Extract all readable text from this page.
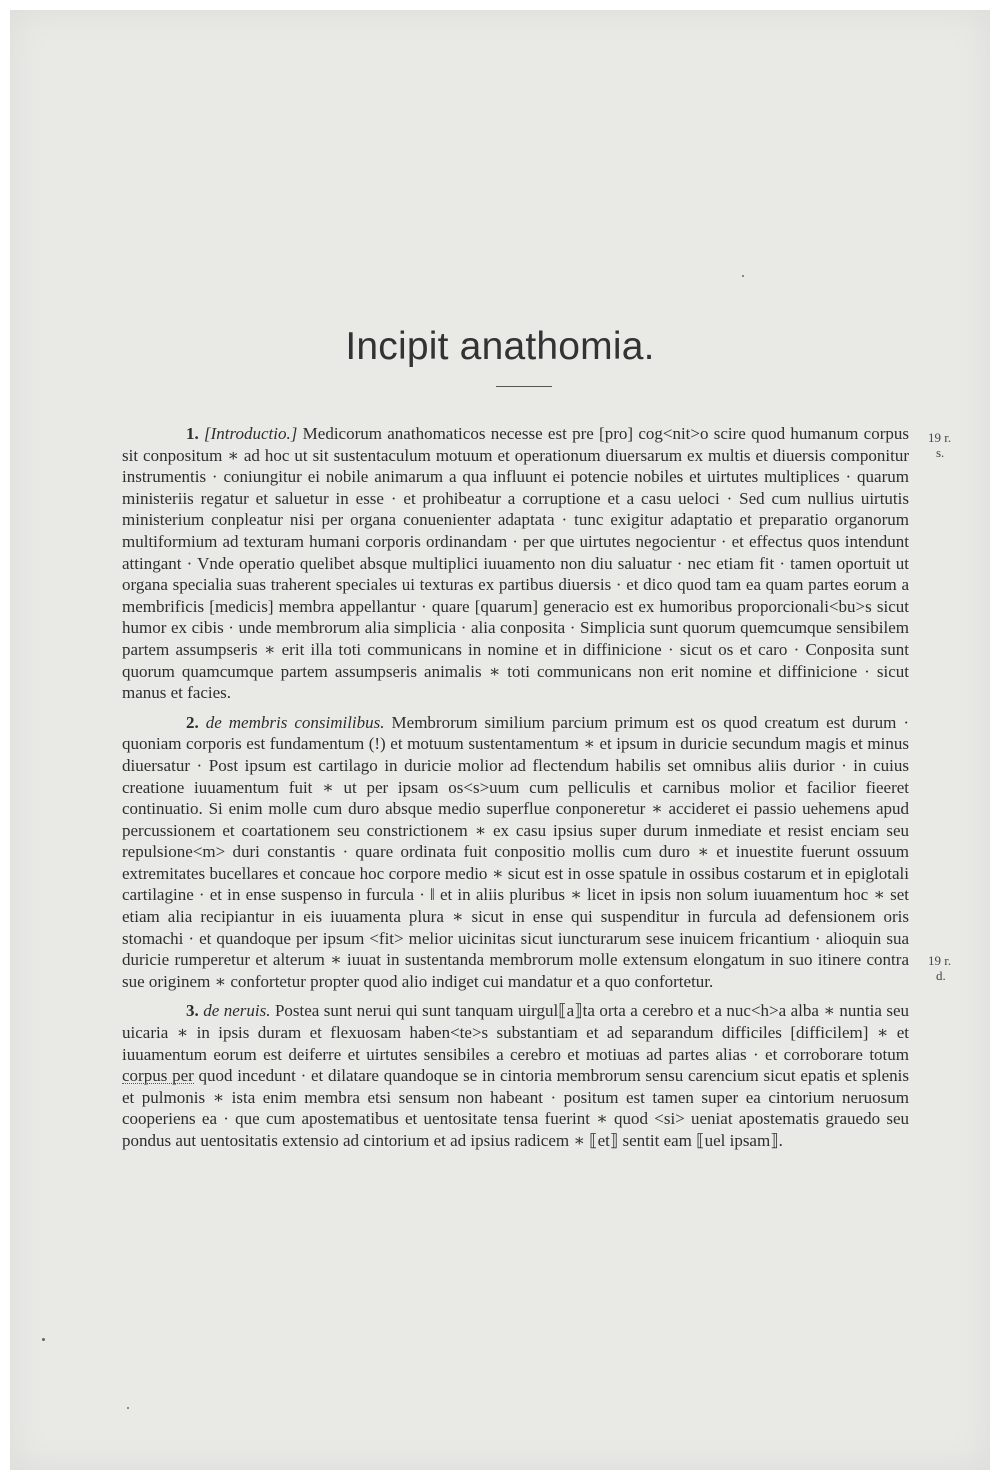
Incipit anathomia.

1. [Introductio.] Medicorum anathomaticos necesse est pre [pro] cog<nit>o scire quod humanum corpus sit conpositum ∗ ad hoc ut sit sustentaculum motuum et operationum diuersarum ex multis et diuersis componitur instrumentis · coniungitur ei nobile animarum a qua influunt ei potencie nobiles et uirtutes multiplices · quarum ministeriis regatur et saluetur in esse · et prohibeatur a corruptione et a casu ueloci · Sed cum nullius uirtutis ministerium conpleatur nisi per organa conuenienter adaptata · tunc exigitur adaptatio et preparatio organorum multiformium ad texturam humani corporis ordinandam · per que uirtutes negocientur · et effectus quos intendunt attingant · Vnde operatio quelibet absque multiplici iuuamento non diu saluatur · nec etiam fit · tamen oportuit ut organa specialia suas traherent speciales ui texturas ex partibus diuersis · et dico quod tam ea quam partes eorum a membrificis [medicis] membra appellantur · quare [quarum] generacio est ex humoribus proporcionali<bu>s sicut humor ex cibis · unde membrorum alia simplicia · alia conposita · Simplicia sunt quorum quemcumque sensibilem partem assumpseris ∗ erit illa toti communicans in nomine et in diffinicione · sicut os et caro · Conposita sunt quorum quamcumque partem assumpseris animalis ∗ toti communicans non erit nomine et diffinicione · sicut manus et facies.

2. de membris consimilibus. Membrorum similium parcium primum est os quod creatum est durum · quoniam corporis est fundamentum (!) et motuum sustentamentum ∗ et ipsum in duricie secundum magis et minus diuersatur · Post ipsum est cartilago in duricie molior ad flectendum habilis set omnibus aliis durior · in cuius creatione iuuamentum fuit ∗ ut per ipsam os<s>uum cum pelliculis et carnibus molior et facilior fieeret continuatio. Si enim molle cum duro absque medio superflue conponeretur ∗ accideret ei passio uehemens apud percussionem et coartationem seu constrictionem ∗ ex casu ipsius super durum inmediate et resist enciam seu repulsione<m> duri constantis · quare ordinata fuit conpositio mollis cum duro ∗ et inuestite fuerunt ossuum extremitates bucellares et concaue hoc corpore medio ∗ sicut est in osse spatule in ossibus costarum et in epiglotali cartilagine · et in ense suspenso in furcula · ‖ et in aliis pluribus ∗ licet in ipsis non solum iuuamentum hoc ∗ set etiam alia recipiantur in eis iuuamenta plura ∗ sicut in ense qui suspenditur in furcula ad defensionem oris stomachi · et quandoque per ipsum <fit> melior uicinitas sicut iuncturarum sese inuicem fricantium · alioquin sua duricie rumperetur et alterum ∗ iuuat in sustentanda membrorum molle extensum elongatum in suo itinere contra sue originem ∗ confortetur propter quod alio indiget cui mandatur et a quo confortetur.

3. de neruis. Postea sunt nerui qui sunt tanquam uirgul⟦a⟧ta orta a cerebro et a nuc<h>a alba ∗ nuntia seu uicaria ∗ in ipsis duram et flexuosam haben<te>s substantiam et ad separandum difficiles [difficilem] ∗ et iuuamentum eorum est deiferre et uirtutes sensibiles a cerebro et motiuas ad partes alias · et corroborare totum corpus per quod incedunt · et dilatare quandoque se in cintoria membrorum sensu carencium sicut epatis et splenis et pulmonis ∗ ista enim membra etsi sensum non habeant · positum est tamen super ea cintorium neruosum cooperiens ea · que cum apostematibus et uentositate tensa fuerint ∗ quod <si> ueniat apostematis grauedo seu pondus aut uentositatis extensio ad cintorium et ad ipsius radicem ∗ ⟦et⟧ sentit eam ⟦uel ipsam⟧.

19 r.
s.
19 r.
d.
